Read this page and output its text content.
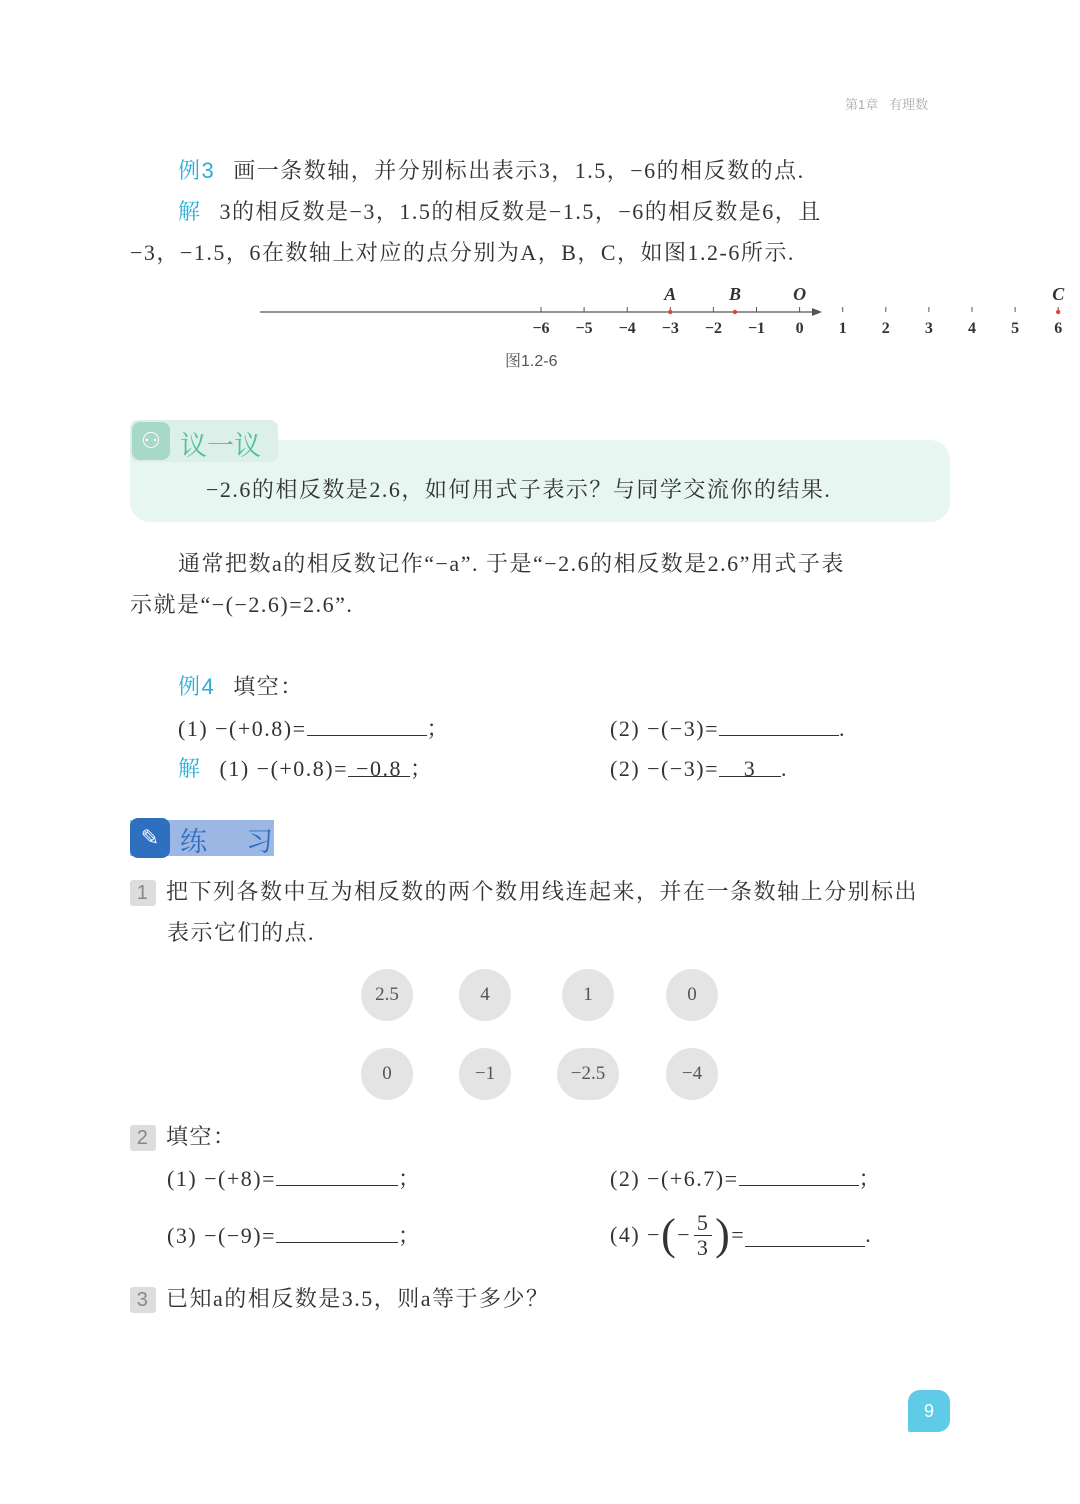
第1章 有理数
例3 画一条数轴，并分别标出表示3，1.5，−6的相反数的点.
解 3的相反数是−3，1.5的相反数是−1.5，−6的相反数是6，且
−3，−1.5，6在数轴上对应的点分别为A，B，C，如图1.2-6所示.
−6 −5 −4 −3 −2 −1 0 1 2 3 4 5 6
A	B	O	C
图1.2-6
⚇ 议一议
−2.6的相反数是2.6，如何用式子表示？与同学交流你的结果.
通常把数a的相反数记作“−a”. 于是“−2.6的相反数是2.6”用式子表
示就是“−(−2.6)=2.6”.
例4 填空：
(1) −(+0.8)=	；	(2) −(−3)=	.
解 (1) −(+0.8)= −0.8 ；	(2) −(−3)= 3 .
✎ 练　习
1 把下列各数中互为相反数的两个数用线连起来，并在一条数轴上分别标出
表示它们的点.
2.5	4	1	0
0	−1	−2.5	−4
2 填空：
(1) −(+8)=	；	(2) −(+6.7)=	；
(3) −(−9)=	；	(4) − ( − $\frac{5}{3}$ ) =	.
3 已知a的相反数是3.5，则a等于多少？
9
